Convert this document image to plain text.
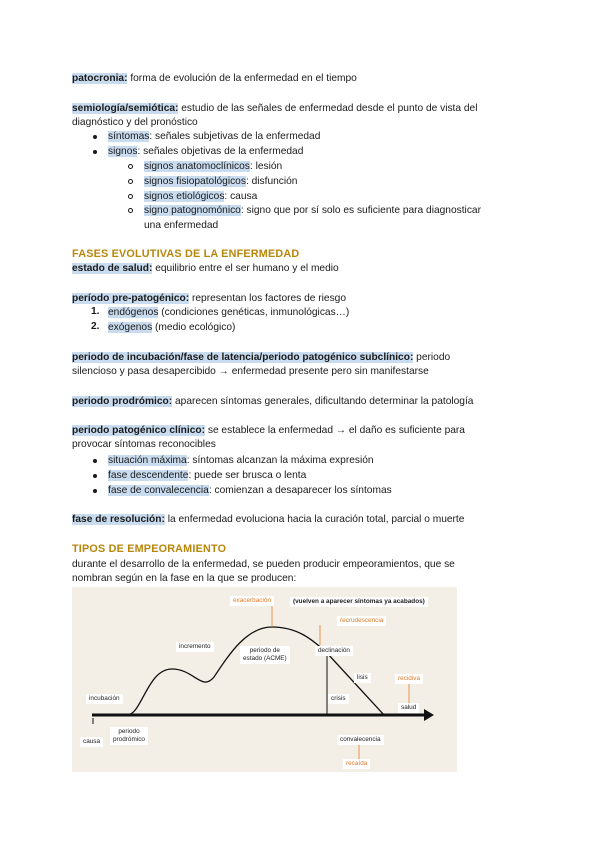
patocronia: forma de evolución de la enfermedad en el tiempo
semiología/semiótica: estudio de las señales de enfermedad desde el punto de vista del
diagnóstico y del pronóstico
síntomas: señales subjetivas de la enfermedad
signos: señales objetivas de la enfermedad
signos anatomoclínicos: lesión
signos fisiopatológicos: disfunción
signos etiológicos: causa
signo patognomónico: signo que por sí solo es suficiente para diagnosticar
una enfermedad
FASES EVOLUTIVAS DE LA ENFERMEDAD
estado de salud: equilibrio entre el ser humano y el medio
período pre-patogénico: representan los factores de riesgo
1. endógenos (condiciones genéticas, inmunológicas…)
2. exógenos (medio ecológico)
periodo de incubación/fase de latencia/periodo patogénico subclínico: periodo
silencioso y pasa desapercibido → enfermedad presente pero sin manifestarse
periodo prodrómico: aparecen síntomas generales, dificultando determinar la patología
periodo patogénico clínico: se establece la enfermedad → el daño es suficiente para
provocar síntomas reconocibles
situación máxima: síntomas alcanzan la máxima expresión
fase descendente: puede ser brusca o lenta
fase de convalecencia: comienzan a desaparecer los síntomas
fase de resolución: la enfermedad evoluciona hacia la curación total, parcial o muerte
TIPOS DE EMPEORAMIENTO
durante el desarrollo de la enfermedad, se pueden producir empeoramientos, que se
nombran según en la fase en la que se producen:
exacerbación	(vuelven a aparecer síntomas ya acabados)
recrudescencia
incremento
periodo de
estado (ACME)
declinación
lisis	recidiva
incubación	crisis
salud
periodo
prodrómico
causa	convalecencia
recaída
